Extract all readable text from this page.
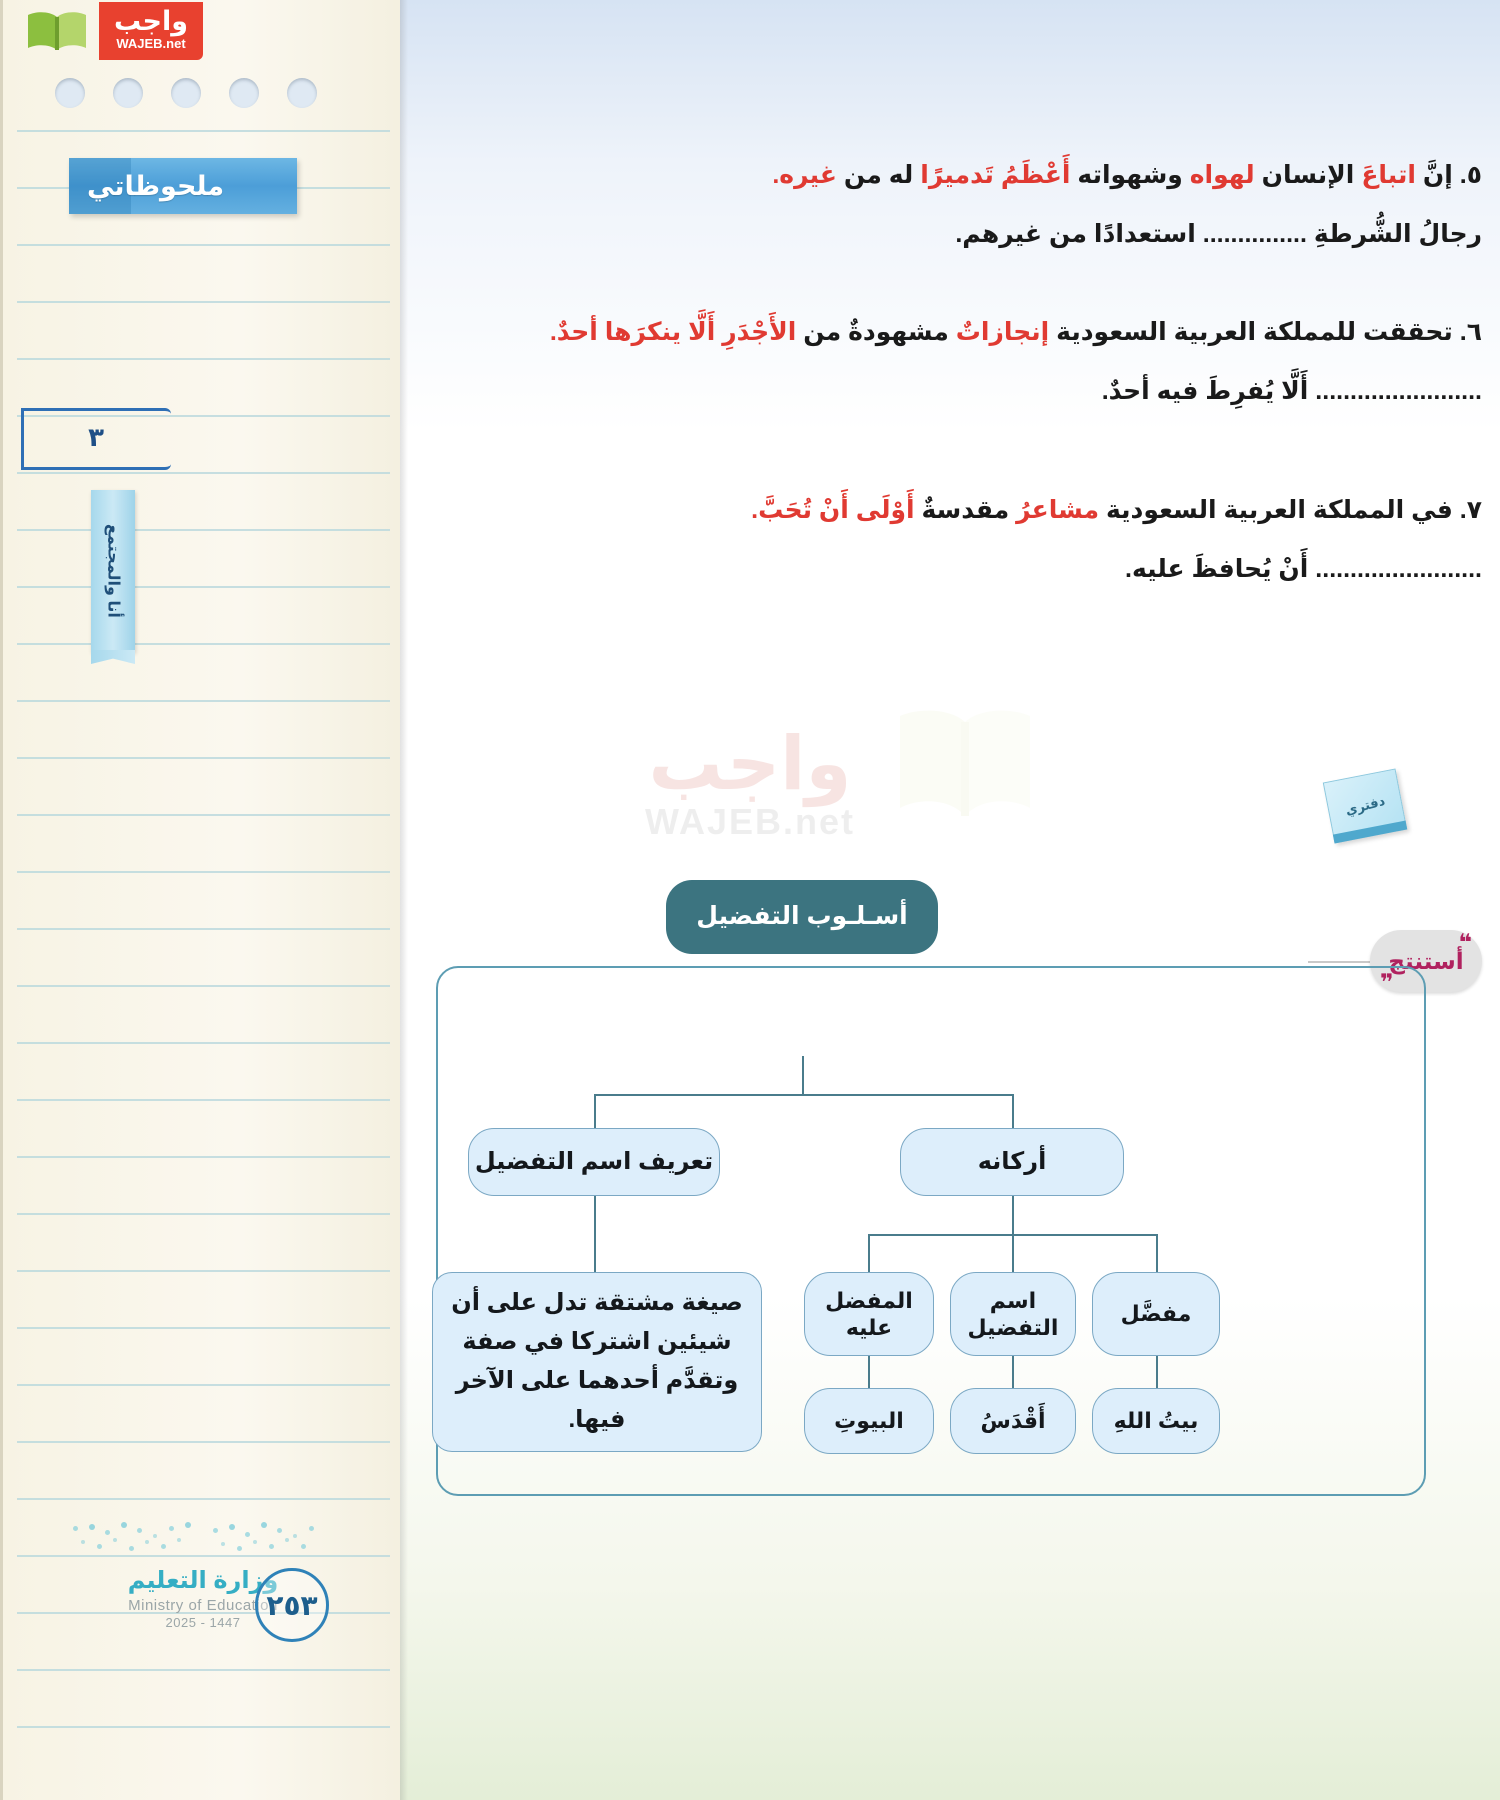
واجب
WAJEB.net
ملحوظاتي
٣
أنا والمجتمع
وزارة التعليم
Ministry of Education
2025 - 1447
٢٥٣
واجب
WAJEB.net
٥. إنَّ اتباعَ الإنسان لهواه وشهواته أَعْظَمُ تَدميرًا له من غيره.
رجالُ الشُّرطةِ ............... استعدادًا من غيرهم.
٦. تحققت للمملكة العربية السعودية إنجازاتٌ مشهودةٌ من الأَجْدَرِ أَلَّا ينكرَها أحدٌ.
........................ أَلَّا يُفرِطَ فيه أحدٌ.
٧. في المملكة العربية السعودية مشاعرُ مقدسةٌ أَوْلَى أَنْ تُحَبَّ.
........................ أَنْ يُحافظَ عليه.
دفتري
❝
أستنتج
❞
أسـلـوب التفضيل
تعريف اسم التفضيل	أركانه
صيغة مشتقة تدل على أن شيئين اشتركا في صفة وتقدَّم أحدهما على الآخر فيها.
مفضَّل
اسم التفضيل
المفضل عليه
بيتُ اللهِ
أَقْدَسُ
البيوتِ
